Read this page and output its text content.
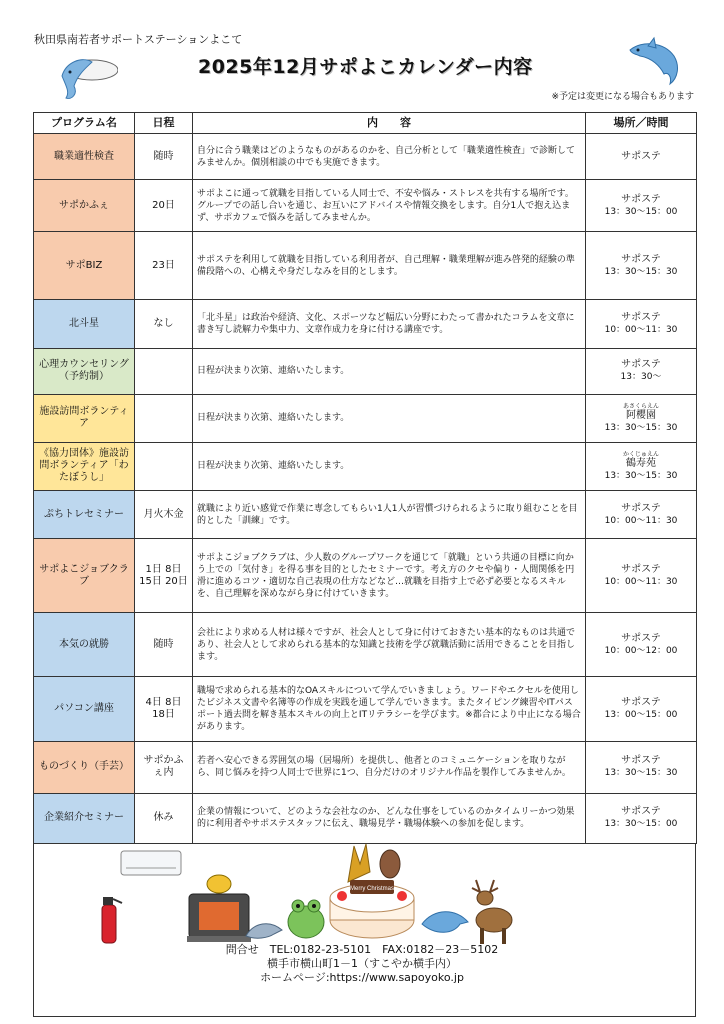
秋田県南若者サポートステーションよこて
2025年12月サポよこカレンダー内容
※予定は変更になる場合もあります
プログラム名	日程	内　　容	場所／時間
職業適性検査	随時	自分に合う職業はどのようなものがあるのかを、自己分析として「職業適性検査」で診断してみませんか。個別相談の中でも実施できます。	サポステ

サポかふぇ	20日	サポよこに通って就職を目指している人同士で、不安や悩み・ストレスを共有する場所です。グループでの話し合いを通じ、お互いにアドバイスや情報交換をします。自分1人で抱え込まず、サポカフェで悩みを話してみませんか。	サポステ
13：30～15：00
サポBIZ	23日	サポステを利用して就職を目指している利用者が、自己理解・職業理解が進み啓発的経験の準備段階への、心構えや身だしなみを目的とします。	サポステ
13：30～15：30
北斗星	なし	「北斗星」は政治や経済、文化、スポーツなど幅広い分野にわたって書かれたコラムを文章に書き写し読解力や集中力、文章作成力を身に付ける講座です。	サポステ
10：00～11：30
心理カウンセリング（予約制）		日程が決まり次第、連絡いたします。	サポステ
13：30～
施設訪問ボランティア		日程が決まり次第、連絡いたします。	あさくらえん
阿櫻園
13：30～15：30
《協力団体》施設訪問ボランティア「わたぼうし」		日程が決まり次第、連絡いたします。	かくじゅえん
鶴寿苑
13：30～15：30
ぷちトレセミナー	月火木金	就職により近い感覚で作業に専念してもらい1人1人が習慣づけられるように取り組むことを目的とした「訓練」です。	サポステ
10：00～11：30
サポよこジョブクラブ	1日 8日 15日 20日	サポよこジョブクラブは、少人数のグループワークを通じて「就職」という共通の目標に向かう上での「気付き」を得る事を目的としたセミナーです。考え方のクセや偏り・人間関係を円滑に進めるコツ・適切な自己表現の仕方などなど…就職を目指す上で必ず必要となるスキルを、自己理解を深めながら身に付けていきます。	サポステ
10：00～11：30
本気の就勝	随時	会社により求める人材は様々ですが、社会人として身に付けておきたい基本的なものは共通であり、社会人として求められる基本的な知識と技術を学び就職活動に活用できることを目指します。	サポステ
10：00～12：00
パソコン講座	4日 8日 18日	職場で求められる基本的なOAスキルについて学んでいきましょう。ワードやエクセルを使用したビジネス文書や名簿等の作成を実践を通して学んでいきます。またタイピング練習やITパスポート過去問を解き基本スキルの向上とITリテラシーを学びます。※都合により中止になる場合があります。	サポステ
13：00～15：00
ものづくり（手芸）	サポかふぇ内	若者へ安心できる雰囲気の場（居場所）を提供し、他者とのコミュニケーションを取りながら、同じ悩みを持つ人同士で世界に1つ、自分だけのオリジナル作品を製作してみませんか。	サポステ
13：30～15：30
企業紹介セミナー	休み	企業の情報について、どのような会社なのか、どんな仕事をしているのかタイムリーかつ効果的に利用者やサポステスタッフに伝え、職場見学・職場体験への参加を促します。	サポステ
13：30～15：00
Merry Christmas
問合せ　TEL:0182-23-5101　FAX:0182－23－5102
横手市横山町1－1（すこやか横手内）
ホームページ:https://www.sapoyoko.jp
